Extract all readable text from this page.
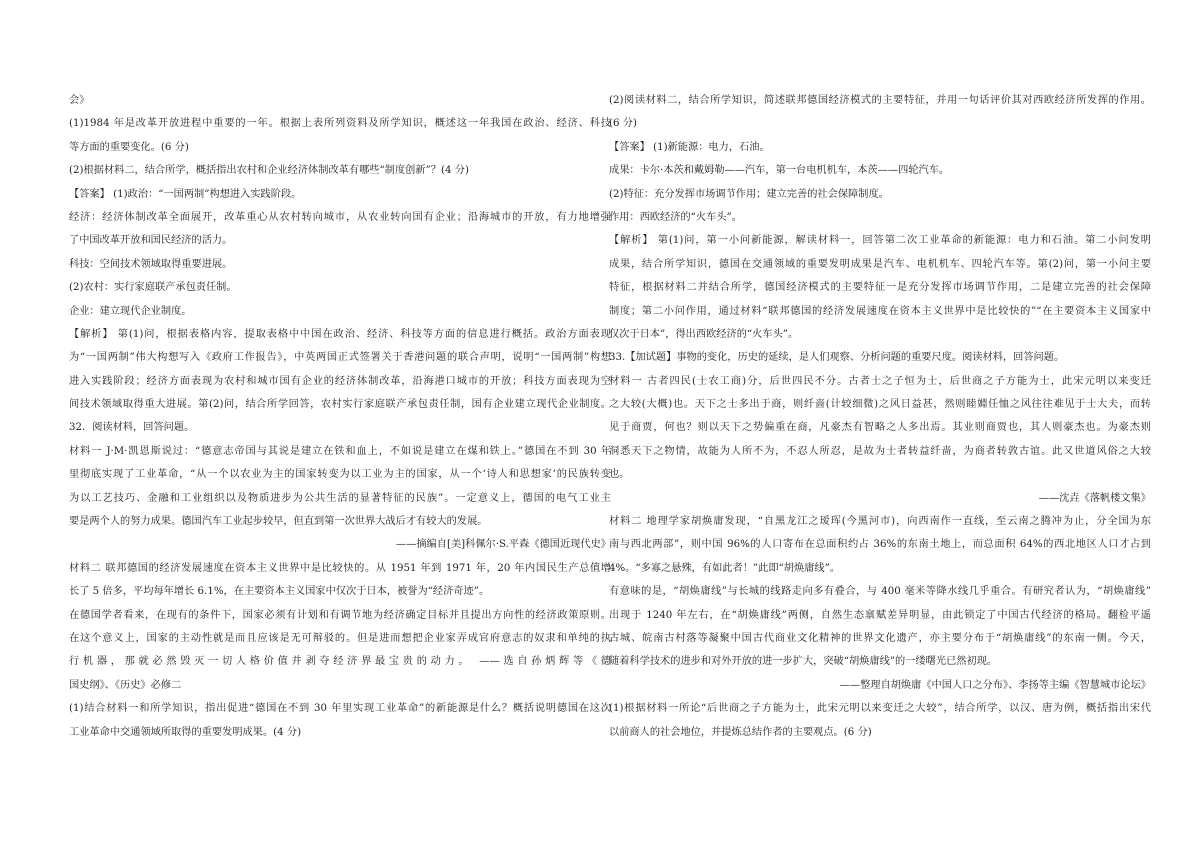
会》
(1)1984 年是改革开放进程中重要的一年。根据上表所列资料及所学知识，概述这一年我国在政治、经济、科技
等方面的重要变化。(6 分)
(2)根据材料二，结合所学，概括指出农村和企业经济体制改革有哪些“制度创新”？(4 分)
【答案】 (1)政治：“一国两制”构想进入实践阶段。
经济：经济体制改革全面展开，改革重心从农村转向城市，从农业转向国有企业；沿海城市的开放，有力地增强
了中国改革开放和国民经济的活力。
科技：空间技术领域取得重要进展。
(2)农村：实行家庭联产承包责任制。
企业：建立现代企业制度。
【解析】 第(1)问，根据表格内容，提取表格中中国在政治、经济、科技等方面的信息进行概括。政治方面表现
为“一国两制”伟大构想写入《政府工作报告》，中英两国正式签署关于香港问题的联合声明，说明“一国两制”构想
进入实践阶段；经济方面表现为农村和城市国有企业的经济体制改革，沿海港口城市的开放；科技方面表现为空
间技术领域取得重大进展。第(2)问，结合所学回答，农村实行家庭联产承包责任制，国有企业建立现代企业制度。
32．阅读材料，回答问题。
材料一 J·M·凯恩斯说过：“德意志帝国与其说是建立在铁和血上，不如说是建立在煤和铁上。”德国在不到 30 年
里彻底实现了工业革命，“从一个以农业为主的国家转变为以工业为主的国家，从一个‘诗人和思想家’的民族转变
为以工艺技巧、金融和工业组织以及物质进步为公共生活的显著特征的民族”。一定意义上，德国的电气工业主
要是两个人的努力成果。德国汽车工业起步较早，但直到第一次世界大战后才有较大的发展。
——摘编自[美]科佩尔·S.平森《德国近现代史》
材料二 联邦德国的经济发展速度在资本主义世界中是比较快的。从 1951 年到 1971 年，20 年内国民生产总值增
长了 5 倍多，平均每年增长 6.1%，在主要资本主义国家中仅次于日本，被誉为“经济奇迹”。
在德国学者看来，在现有的条件下，国家必须有计划和有调节地为经济确定目标并且提出方向性的经济政策原则。
在这个意义上，国家的主动性就是而且应该是无可辩驳的。但是进而想把企业家弄成官府意志的奴隶和单纯的执
行机器，那就必然毁灭一切人格价值并剥夺经济界最宝贵的动力。 ——选自孙炳辉等《德
国史纲》、《历史》必修二
(1)结合材料一和所学知识，指出促进“德国在不到 30 年里实现工业革命”的新能源是什么？概括说明德国在这次
工业革命中交通领域所取得的重要发明成果。(4 分)
(2)阅读材料二，结合所学知识，简述联邦德国经济模式的主要特征，并用一句话评价其对西欧经济所发挥的作用。
(6 分)
【答案】 (1)新能源：电力，石油。
成果：卡尔·本茨和戴姆勒——汽车，第一台电机机车，本茨——四轮汽车。
(2)特征：充分发挥市场调节作用；建立完善的社会保障制度。
作用：西欧经济的“火车头”。
【解析】 第(1)问，第一小问新能源，解读材料一，回答第二次工业革命的新能源：电力和石油。第二小问发明
成果，结合所学知识，德国在交通领域的重要发明成果是汽车、电机机车、四轮汽车等。第(2)问，第一小问主要
特征，根据材料二并结合所学，德国经济模式的主要特征一是充分发挥市场调节作用，二是建立完善的社会保障
制度；第二小问作用，通过材料“联邦德国的经济发展速度在资本主义世界中是比较快的”“在主要资本主义国家中
仅次于日本”，得出西欧经济的“火车头”。
33.【加试题】事物的变化，历史的延续，是人们观察、分析问题的重要尺度。阅读材料，回答问题。
材料一 古者四民(士农工商)分，后世四民不分。古者士之子恒为士，后世商之子方能为士，此宋元明以来变迁
之大较(大概)也。天下之士多出于商，则纤啬(计较细微)之风日益甚，然则睦婣任恤之风往往难见于士大夫，而转
见于商贾，何也？则以天下之势偏重在商，凡豪杰有智略之人多出焉。其业则商贾也，其人则豪杰也。为豪杰则
洞悉天下之物情，故能为人所不为，不忍人所忍，是故为士者转益纤啬，为商者转敦古谊。此又世道风俗之大较
也。
——沈垚《落帆楼文集》
材料二 地理学家胡焕庸发现，“自黑龙江之瑷珲(今黑河市)，向西南作一直线，至云南之腾冲为止，分全国为东
南与西北两部”，则中国 96%的人口寄布在总面积约占 36%的东南土地上，而总面积 64%的西北地区人口才占到
4%。“多寡之悬殊，有如此者！”此即“胡焕庸线”。
有意味的是，“胡焕庸线”与长城的线路走向多有叠合，与 400 毫米等降水线几乎重合。有研究者认为，“胡焕庸线”
出现于 1240 年左右，在“胡焕庸线”两侧，自然生态禀赋差异明显，由此锁定了中国古代经济的格局。翻检平遥
古城、皖南古村落等凝聚中国古代商业文化精神的世界文化遗产，亦主要分布于“胡焕庸线”的东南一侧。今天，
随着科学技术的进步和对外开放的进一步扩大，突破“胡焕庸线”的一缕曙光已然初现。
——整理自胡焕庸《中国人口之分布》、李扬等主编《智慧城市论坛》
(1)根据材料一所论“后世商之子方能为士，此宋元明以来变迁之大较”，结合所学，以汉、唐为例，概括指出宋代
以前商人的社会地位，并提炼总结作者的主要观点。(6 分)
